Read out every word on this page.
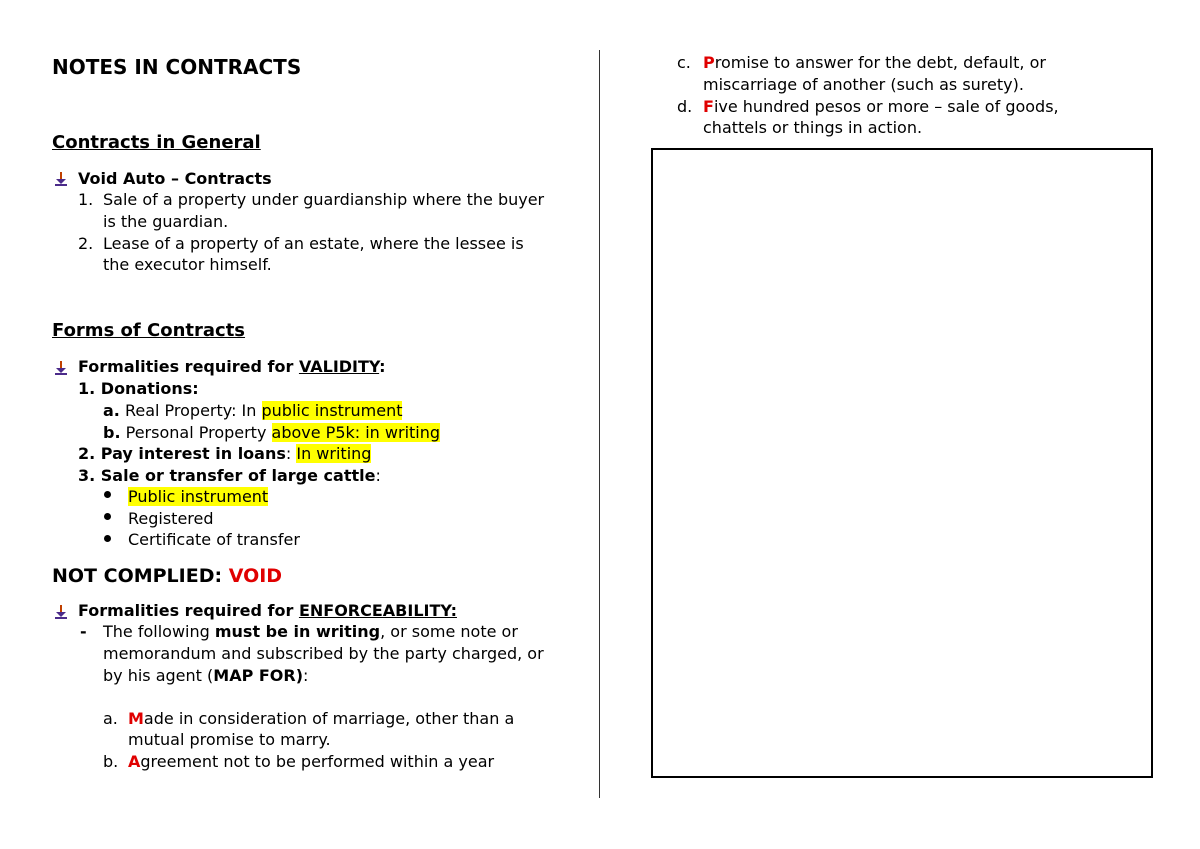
NOTES IN CONTRACTS
Contracts in General
Void Auto – Contracts
1. Sale of a property under guardianship where the buyer
is the guardian.
2. Lease of a property of an estate, where the lessee is
the executor himself.
Forms of Contracts
Formalities required for VALIDITY:
1. Donations:
a. Real Property: In public instrument
b. Personal Property above P5k: in writing
2. Pay interest in loans: In writing
3. Sale or transfer of large cattle:
Public instrument
Registered
Certificate of transfer
NOT COMPLIED: VOID
Formalities required for ENFORCEABILITY:
- The following must be in writing, or some note or
memorandum and subscribed by the party charged, or
by his agent (MAP FOR):
a. Made in consideration of marriage, other than a
mutual promise to marry.
b. Agreement not to be performed within a year
c. Promise to answer for the debt, default, or
miscarriage of another (such as surety).
d. Five hundred pesos or more – sale of goods,
chattels or things in action.
